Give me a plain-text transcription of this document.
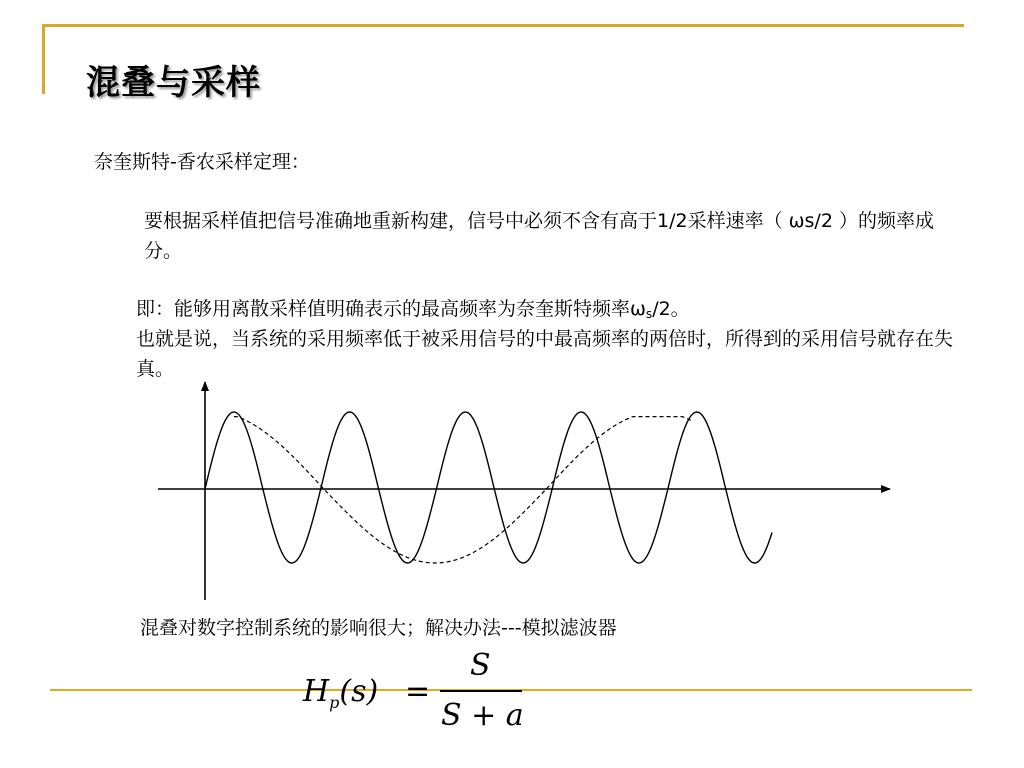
混叠与采样

奈奎斯特-香农采样定理：

要根据采样值把信号准确地重新构建，信号中必须不含有高于1/2采样速率（ ωs/2 ）的频率成分。

即：能够用离散采样值明确表示的最高频率为奈奎斯特频率$\omega_s/2$。
也就是说，当系统的采用频率低于被采用信号的中最高频率的两倍时，所得到的采用信号就存在失真。

混叠对数字控制系统的影响很大；解决办法---模拟滤波器

$H_p(s)$ =
S
S + a
